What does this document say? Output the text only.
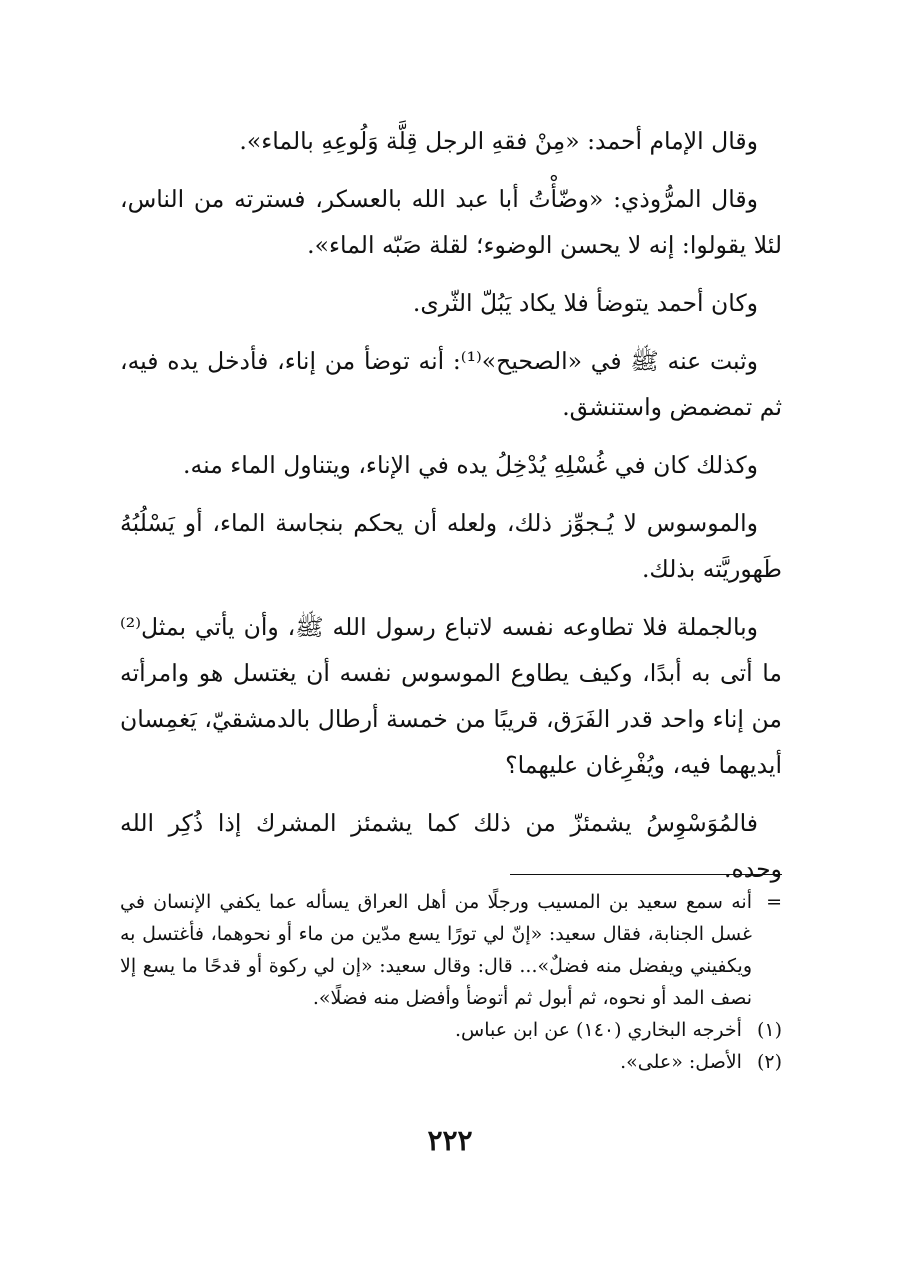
وقال الإمام أحمد: «مِنْ فقهِ الرجل قِلَّة وَلُوعِهِ بالماء».

وقال المرُّوذي: «وضّأْتُ أبا عبد الله بالعسكر، فسترته من الناس، لئلا يقولوا: إنه لا يحسن الوضوء؛ لقلة صَبّه الماء».

وكان أحمد يتوضأ فلا يكاد يَبُلّ الثّرى.

وثبت عنه ﷺ في «الصحيح»⁽¹⁾: أنه توضأ من إناء، فأدخل يده فيه، ثم تمضمض واستنشق.

وكذلك كان في غُسْلِهِ يُدْخِلُ يده في الإناء، ويتناول الماء منه.

والموسوس لا يُـجوِّز ذلك، ولعله أن يحكم بنجاسة الماء، أو يَسْلُبُهُ طَهوريَّته بذلك.

وبالجملة فلا تطاوعه نفسه لاتباع رسول الله ﷺ، وأن يأتي بمثل⁽²⁾ ما أتى به أبدًا، وكيف يطاوع الموسوس نفسه أن يغتسل هو وامرأته من إناء واحد قدر الفَرَق، قريبًا من خمسة أرطال بالدمشقيّ، يَغمِسان أيديهما فيه، ويُفْرِغان عليهما؟

فالمُوَسْوِسُ يشمئزّ من ذلك كما يشمئز المشرك إذا ذُكِر الله وحده.

=

أنه سمع سعيد بن المسيب ورجلًا من أهل العراق يسأله عما يكفي الإنسان في غسل الجنابة، فقال سعيد: «إنّ لي تورًا يسع مدّين من ماء أو نحوهما، فأغتسل به ويكفيني ويفضل منه فضلٌ»... قال: وقال سعيد: «إن لي ركوة أو قدحًا ما يسع إلا نصف المد أو نحوه، ثم أبول ثم أتوضأ وأفضل منه فضلًا».

(١) أخرجه البخاري (١٤٠) عن ابن عباس.

(٢) الأصل: «على».

٢٢٢
